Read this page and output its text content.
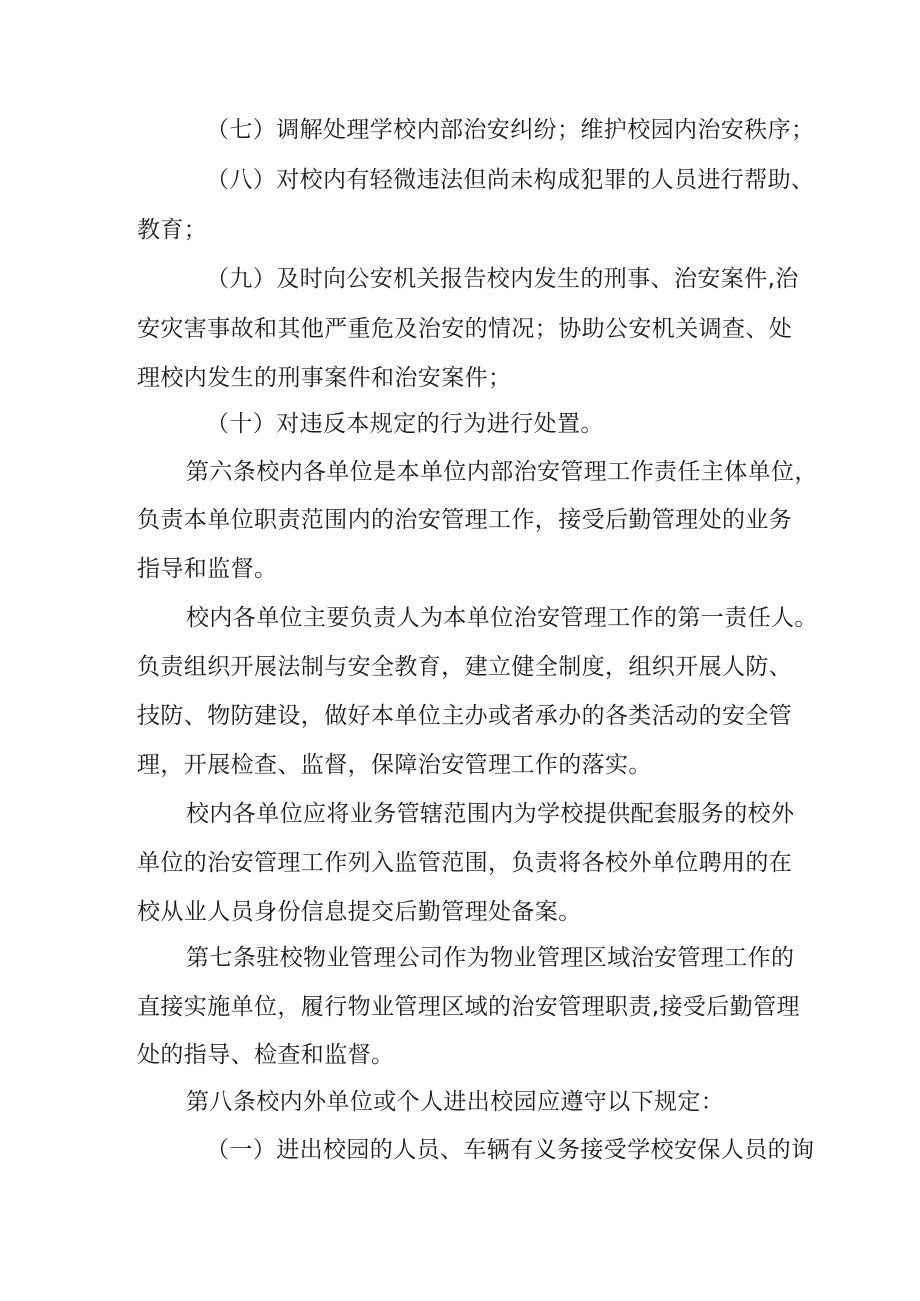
（七）调解处理学校内部治安纠纷；维护校园内治安秩序；
（八）对校内有轻微违法但尚未构成犯罪的人员进行帮助、
教育；
（九）及时向公安机关报告校内发生的刑事、治安案件,治
安灾害事故和其他严重危及治安的情况；协助公安机关调查、处
理校内发生的刑事案件和治安案件；
（十）对违反本规定的行为进行处置。
第六条校内各单位是本单位内部治安管理工作责任主体单位，
负责本单位职责范围内的治安管理工作，接受后勤管理处的业务
指导和监督。
校内各单位主要负责人为本单位治安管理工作的第一责任人。
负责组织开展法制与安全教育，建立健全制度，组织开展人防、
技防、物防建设，做好本单位主办或者承办的各类活动的安全管
理，开展检查、监督，保障治安管理工作的落实。
校内各单位应将业务管辖范围内为学校提供配套服务的校外
单位的治安管理工作列入监管范围，负责将各校外单位聘用的在
校从业人员身份信息提交后勤管理处备案。
第七条驻校物业管理公司作为物业管理区域治安管理工作的
直接实施单位，履行物业管理区域的治安管理职责,接受后勤管理
处的指导、检查和监督。
第八条校内外单位或个人进出校园应遵守以下规定：
（一）进出校园的人员、车辆有义务接受学校安保人员的询
